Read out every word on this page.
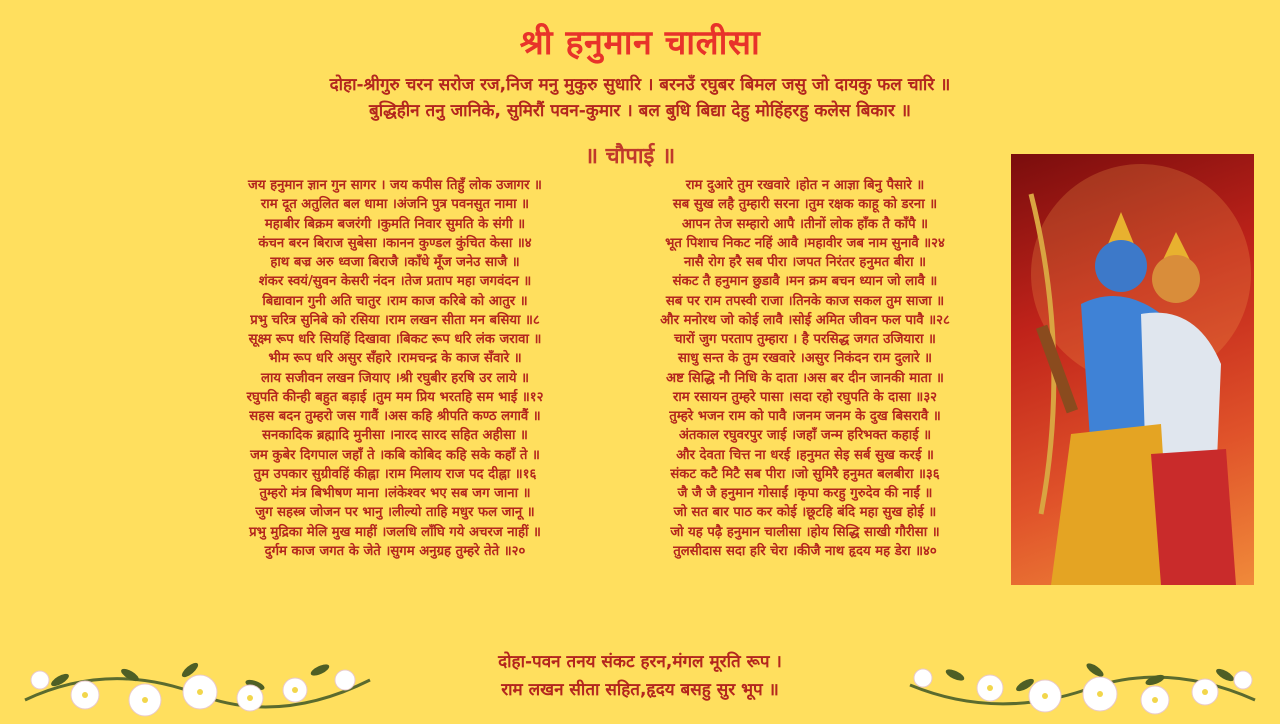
श्री हनुमान चालीसा
दोहा-श्रीगुरु चरन सरोज रज,निज मनु मुकुरु सुधारि । बरनउँ रघुबर बिमल जसु जो दायकु फल चारि ॥
बुद्धिहीन तनु जानिके, सुमिरौं पवन-कुमार । बल बुधि बिद्या देहु मोहिंहरहु कलेस बिकार ॥
॥ चौपाई ॥
जय हनुमान ज्ञान गुन सागर । जय कपीस तिहुँ लोक उजागर ॥
राम दूत अतुलित बल धामा ।अंजनि पुत्र पवनसुत नामा ॥
महाबीर बिक्रम बजरंगी ।कुमति निवार सुमति के संगी ॥
कंचन बरन बिराज सुबेसा ।कानन कुण्डल कुंचित केसा ॥४
हाथ बज्र अरु ध्वजा बिराजै ।काँधे मूँज जनेउ साजै ॥
शंकर स्वयं/सुवन केसरी नंदन ।तेज प्रताप महा जगवंदन ॥
बिद्यावान गुनी अति चातुर ।राम काज करिबे को आतुर ॥
प्रभु चरित्र सुनिबे को रसिया ।राम लखन सीता मन बसिया ॥८
सूक्ष्म रूप धरि सियहिं दिखावा ।बिकट रूप धरि लंक जरावा ॥
भीम रूप धरि असुर सँहारे ।रामचन्द्र के काज सँवारे ॥
लाय सजीवन लखन जियाए ।श्री रघुबीर हरषि उर लाये ॥
रघुपति कीन्ही बहुत बड़ाई ।तुम मम प्रिय भरतहि सम भाई ॥१२
सहस बदन तुम्हरो जस गावैं ।अस कहि श्रीपति कण्ठ लगावैं ॥
सनकादिक ब्रह्मादि मुनीसा ।नारद सारद सहित अहीसा ॥
जम कुबेर दिगपाल जहाँ ते ।कबि कोबिद कहि सके कहाँ ते ॥
तुम उपकार सुग्रीवहिं कीह्ना ।राम मिलाय राज पद दीह्ना ॥१६
तुम्हरो मंत्र बिभीषण माना ।लंकेश्वर भए सब जग जाना ॥
जुग सहस्त्र जोजन पर भानु ।लील्यो ताहि मधुर फल जानू ॥
प्रभु मुद्रिका मेलि मुख माहीं ।जलधि लाँघि गये अचरज नाहीं ॥
दुर्गम काज जगत के जेते ।सुगम अनुग्रह तुम्हरे तेते ॥२०
राम दुआरे तुम रखवारे ।होत न आज्ञा बिनु पैसारे ॥
सब सुख लहै तुम्हारी सरना ।तुम रक्षक काहू को डरना ॥
आपन तेज सम्हारो आपै ।तीनों लोक हाँक तै काँपै ॥
भूत पिशाच निकट नहिं आवै ।महावीर जब नाम सुनावै ॥२४
नासै रोग हरै सब पीरा ।जपत निरंतर हनुमत बीरा ॥
संकट तै हनुमान छुडावै ।मन क्रम बचन ध्यान जो लावै ॥
सब पर राम तपस्वी राजा ।तिनके काज सकल तुम साजा ॥
और मनोरथ जो कोई लावै ।सोई अमित जीवन फल पावै ॥२८
चारों जुग परताप तुम्हारा । है परसिद्ध जगत उजियारा ॥
साधु सन्त के तुम रखवारे ।असुर निकंदन राम दुलारे ॥
अष्ट सिद्धि नौ निधि के दाता ।अस बर दीन जानकी माता ॥
राम रसायन तुम्हरे पासा ।सदा रहो रघुपति के दासा ॥३२
तुम्हरे भजन राम को पावै ।जनम जनम के दुख बिसरावै ॥
अंतकाल रघुवरपुर जाई ।जहाँ जन्म हरिभक्त कहाई ॥
और देवता चित्त ना धरई ।हनुमत सेइ सर्ब सुख करई ॥
संकट कटै मिटै सब पीरा ।जो सुमिरै हनुमत बलबीरा ॥३६
जै जै जै हनुमान गोसाईं ।कृपा करहु गुरुदेव की नाईं ॥
जो सत बार पाठ कर कोई ।छूटहि बंदि महा सुख होई ॥
जो यह पढ़ै हनुमान चालीसा ।होय सिद्धि साखी गौरीसा ॥
तुलसीदास सदा हरि चेरा ।कीजै नाथ हृदय मह डेरा ॥४०
दोहा-पवन तनय संकट हरन,मंगल मूरति रूप ।
राम लखन सीता सहित,हृदय बसहु सुर भूप ॥
